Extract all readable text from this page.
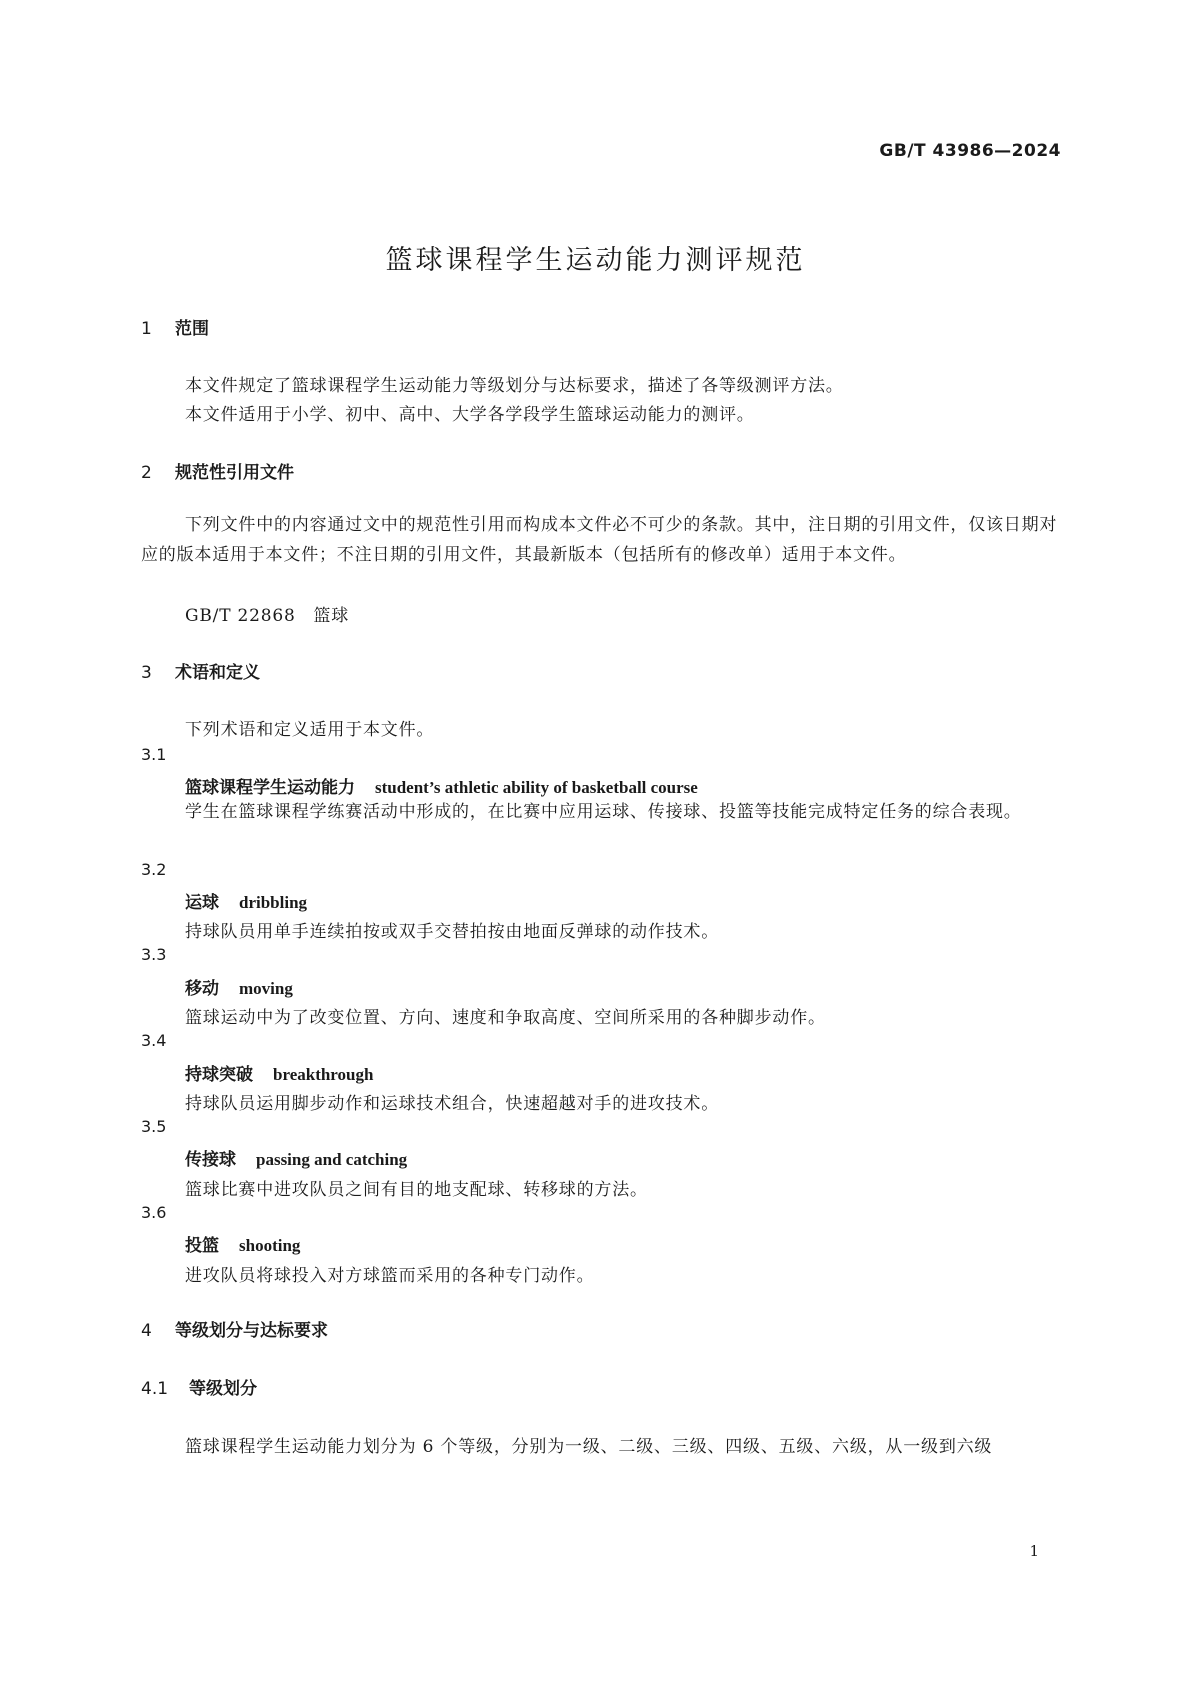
GB/T 43986—2024
篮球课程学生运动能力测评规范
1 范围
本文件规定了篮球课程学生运动能力等级划分与达标要求，描述了各等级测评方法。
本文件适用于小学、初中、高中、大学各学段学生篮球运动能力的测评。
2 规范性引用文件
下列文件中的内容通过文中的规范性引用而构成本文件必不可少的条款。其中，注日期的引用文件，仅该日期对应的版本适用于本文件；不注日期的引用文件，其最新版本（包括所有的修改单）适用于本文件。
GB/T 22868　篮球
3 术语和定义
下列术语和定义适用于本文件。
3.1
篮球课程学生运动能力 student’s athletic ability of basketball course
学生在篮球课程学练赛活动中形成的，在比赛中应用运球、传接球、投篮等技能完成特定任务的综合表现。
3.2
运球 dribbling
持球队员用单手连续拍按或双手交替拍按由地面反弹球的动作技术。
3.3
移动 moving
篮球运动中为了改变位置、方向、速度和争取高度、空间所采用的各种脚步动作。
3.4
持球突破 breakthrough
持球队员运用脚步动作和运球技术组合，快速超越对手的进攻技术。
3.5
传接球 passing and catching
篮球比赛中进攻队员之间有目的地支配球、转移球的方法。
3.6
投篮 shooting
进攻队员将球投入对方球篮而采用的各种专门动作。
4 等级划分与达标要求
4.1 等级划分
篮球课程学生运动能力划分为 6 个等级，分别为一级、二级、三级、四级、五级、六级，从一级到六级
1
